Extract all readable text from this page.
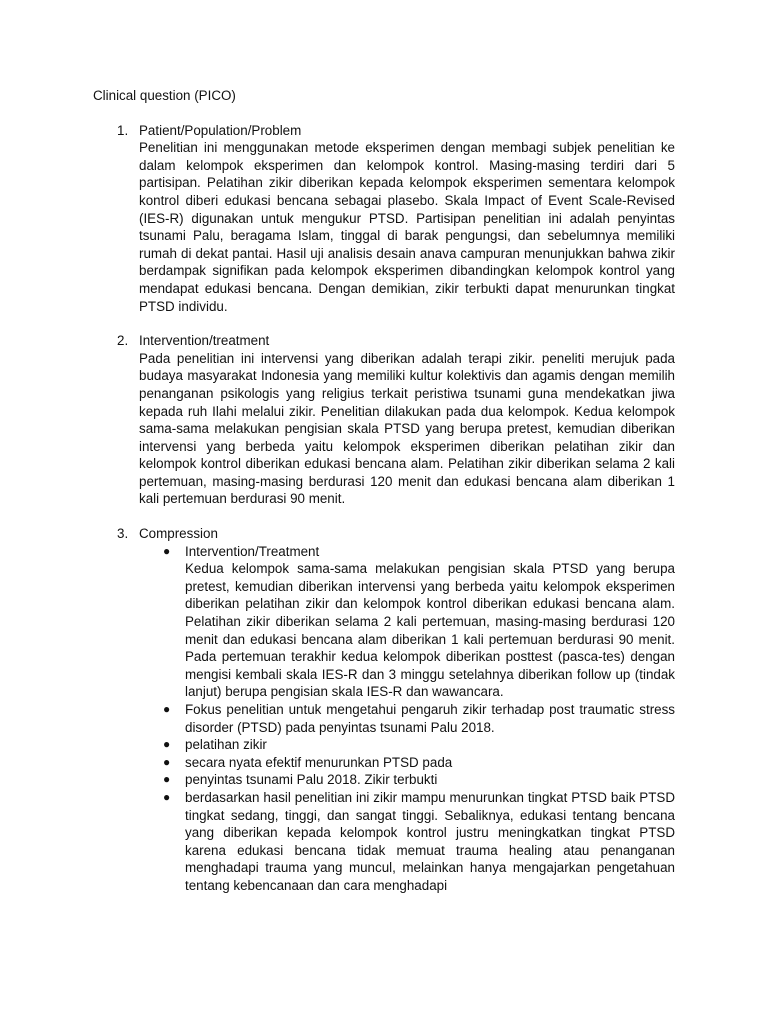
Clinical question (PICO)

1. Patient/Population/Problem
Penelitian ini menggunakan metode eksperimen dengan membagi subjek penelitian ke dalam kelompok eksperimen dan kelompok kontrol. Masing-masing terdiri dari 5 partisipan. Pelatihan zikir diberikan kepada kelompok eksperimen sementara kelompok kontrol diberi edukasi bencana sebagai plasebo. Skala Impact of Event Scale-Revised (IES-R) digunakan untuk mengukur PTSD. Partisipan penelitian ini adalah penyintas tsunami Palu, beragama Islam, tinggal di barak pengungsi, dan sebelumnya memiliki rumah di dekat pantai. Hasil uji analisis desain anava campuran menunjukkan bahwa zikir berdampak signifikan pada kelompok eksperimen dibandingkan kelompok kontrol yang mendapat edukasi bencana. Dengan demikian, zikir terbukti dapat menurunkan tingkat PTSD individu.
2. Intervention/treatment
Pada penelitian ini intervensi yang diberikan adalah terapi zikir. peneliti merujuk pada budaya masyarakat Indonesia yang memiliki kultur kolektivis dan agamis dengan memilih penanganan psikologis yang religius terkait peristiwa tsunami guna mendekatkan jiwa kepada ruh Ilahi melalui zikir. Penelitian dilakukan pada dua kelompok. Kedua kelompok sama-sama melakukan pengisian skala PTSD yang berupa pretest, kemudian diberikan intervensi yang berbeda yaitu kelompok eksperimen diberikan pelatihan zikir dan kelompok kontrol diberikan edukasi bencana alam. Pelatihan zikir diberikan selama 2 kali pertemuan, masing-masing berdurasi 120 menit dan edukasi bencana alam diberikan 1 kali pertemuan berdurasi 90 menit.
3. Compression
● Intervention/Treatment
Kedua kelompok sama-sama melakukan pengisian skala PTSD yang berupa pretest, kemudian diberikan intervensi yang berbeda yaitu kelompok eksperimen diberikan pelatihan zikir dan kelompok kontrol diberikan edukasi bencana alam. Pelatihan zikir diberikan selama 2 kali pertemuan, masing-masing berdurasi 120 menit dan edukasi bencana alam diberikan 1 kali pertemuan berdurasi 90 menit. Pada pertemuan terakhir kedua kelompok diberikan posttest (pasca-tes) dengan mengisi kembali skala IES-R dan 3 minggu setelahnya diberikan follow up (tindak lanjut) berupa pengisian skala IES-R dan wawancara.
● Fokus penelitian untuk mengetahui pengaruh zikir terhadap post traumatic stress disorder (PTSD) pada penyintas tsunami Palu 2018.
● pelatihan zikir
● secara nyata efektif menurunkan PTSD pada
● penyintas tsunami Palu 2018. Zikir terbukti
● berdasarkan hasil penelitian ini zikir mampu menurunkan tingkat PTSD baik PTSD tingkat sedang, tinggi, dan sangat tinggi. Sebaliknya, edukasi tentang bencana yang diberikan kepada kelompok kontrol justru meningkatkan tingkat PTSD karena edukasi bencana tidak memuat trauma healing atau penanganan menghadapi trauma yang muncul, melainkan hanya mengajarkan pengetahuan tentang kebencanaan dan cara menghadapi
